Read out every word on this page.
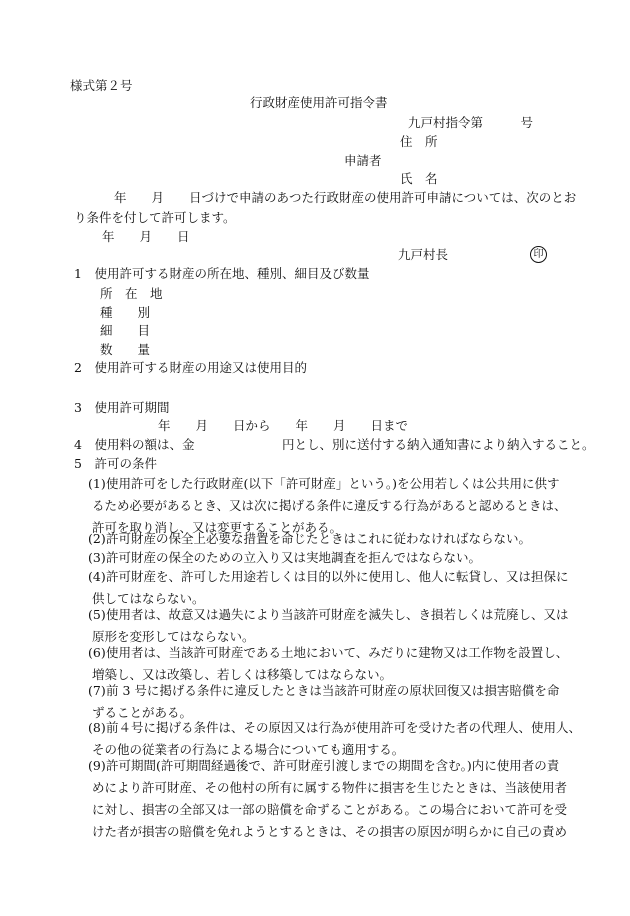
様式第２号
行政財産使用許可指令書
九戸村指令第　　　号
住　所
申請者
氏　名
年　　月　　日づけで申請のあつた行政財産の使用許可申請については、次のとお
り条件を付して許可します。
年　　月　　日
九戸村長	印
1　使用許可する財産の所在地、種別、細目及び数量
所　在　地
種　　別
細　　目
数　　量
2　使用許可する財産の用途又は使用目的
3　使用許可期間
年　　月　　日から　　年　　月　　日まで
4　使用料の額は、金　　　　　　　円とし、別に送付する納入通知書により納入すること。
5　許可の条件
(1) 使用許可をした行政財産(以下「許可財産」という。)を公用若しくは公共用に供す
るため必要があるとき、又は次に掲げる条件に違反する行為があると認めるときは、
許可を取り消し、又は変更することがある。
(2) 許可財産の保全上必要な措置を命じたときはこれに従わなければならない。
(3) 許可財産の保全のための立入り又は実地調査を拒んではならない。
(4) 許可財産を、許可した用途若しくは目的以外に使用し、他人に転貸し、又は担保に
供してはならない。
(5) 使用者は、故意又は過失により当該許可財産を滅失し、き損若しくは荒廃し、又は
原形を変形してはならない。
(6) 使用者は、当該許可財産である土地において、みだりに建物又は工作物を設置し、
増築し、又は改築し、若しくは移築してはならない。
(7) 前 3 号に掲げる条件に違反したときは当該許可財産の原状回復又は損害賠償を命
ずることがある。
(8) 前４号に掲げる条件は、その原因又は行為が使用許可を受けた者の代理人、使用人、
その他の従業者の行為による場合についても適用する。
(9) 許可期間(許可期間経過後で、許可財産引渡しまでの期間を含む。)内に使用者の責
めにより許可財産、その他村の所有に属する物件に損害を生じたときは、当該使用者
に対し、損害の全部又は一部の賠償を命ずることがある。この場合において許可を受
けた者が損害の賠償を免れようとするときは、その損害の原因が明らかに自己の責め
